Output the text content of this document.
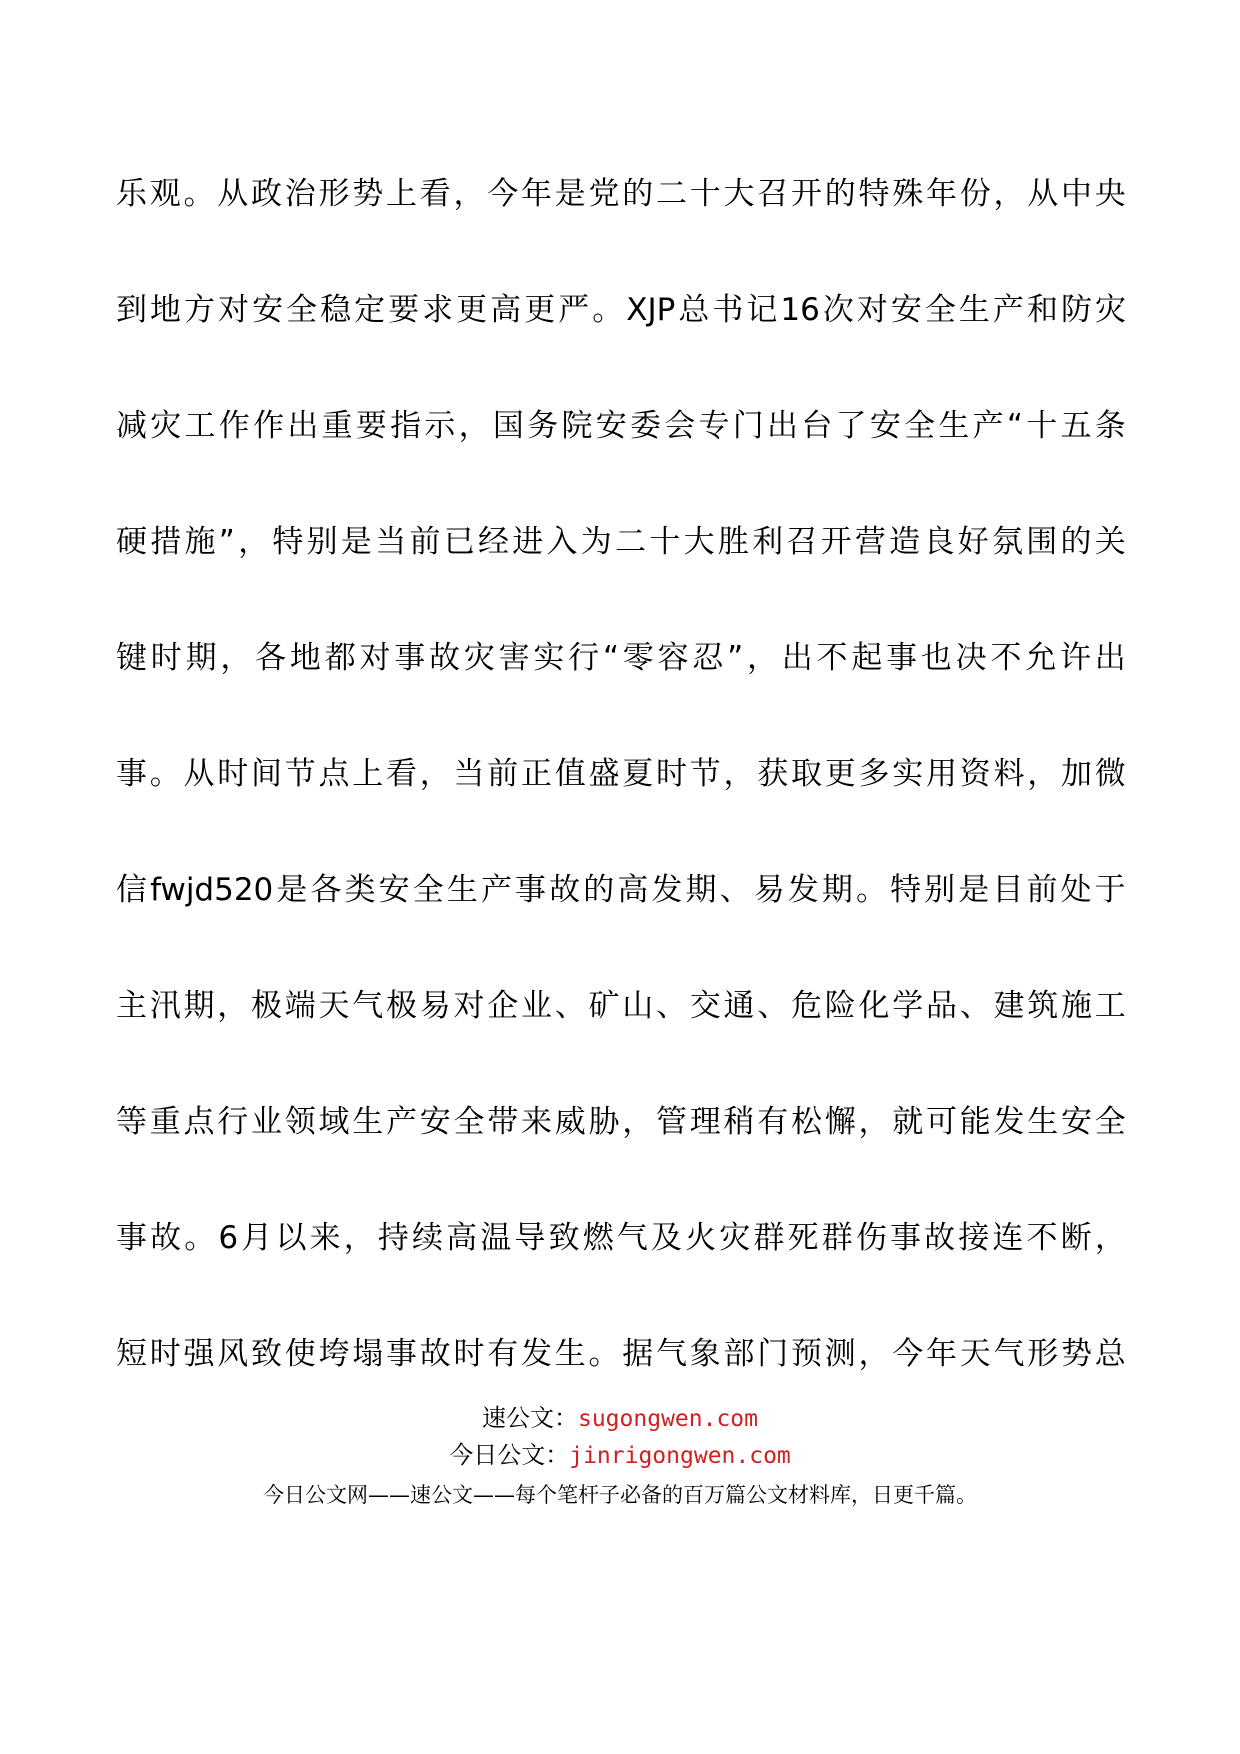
乐 观 。 从 政 治 形 势 上 看 ， 今 年 是 党 的 二 十 大 召 开 的 特 殊 年 份 ， 从 中 央
到 地 方 对 安 全 稳 定 要 求 更 高 更 严 。 XJP 总 书 记 16 次 对 安 全 生 产 和 防 灾
减 灾 工 作 作 出 重 要 指 示 ， 国 务 院 安 委 会 专 门 出 台 了 安 全 生 产 “ 十 五 条
硬 措 施 ” ， 特 别 是 当 前 已 经 进 入 为 二 十 大 胜 利 召 开 营 造 良 好 氛 围 的 关
键 时 期 ， 各 地 都 对 事 故 灾 害 实 行 “ 零 容 忍 ” ， 出 不 起 事 也 决 不 允 许 出
事 。 从 时 间 节 点 上 看 ， 当 前 正 值 盛 夏 时 节 ， 获 取 更 多 实 用 资 料 ， 加 微
信 fwjd520 是 各 类 安 全 生 产 事 故 的 高 发 期 、 易 发 期 。 特 别 是 目 前 处 于
主 汛 期 ， 极 端 天 气 极 易 对 企 业 、 矿 山 、 交 通 、 危 险 化 学 品 、 建 筑 施 工
等 重 点 行 业 领 域 生 产 安 全 带 来 威 胁 ， 管 理 稍 有 松 懈 ， 就 可 能 发 生 安 全
事 故 。 6 月 以 来 ， 持 续 高 温 导 致 燃 气 及 火 灾 群 死 群 伤 事 故 接 连 不 断 ，
短 时 强 风 致 使 垮 塌 事 故 时 有 发 生 。 据 气 象 部 门 预 测 ， 今 年 天 气 形 势 总
速公文：sugongwen.com
今日公文：jinrigongwen.com
今日公文网——速公文——每个笔杆子必备的百万篇公文材料库，日更千篇。
